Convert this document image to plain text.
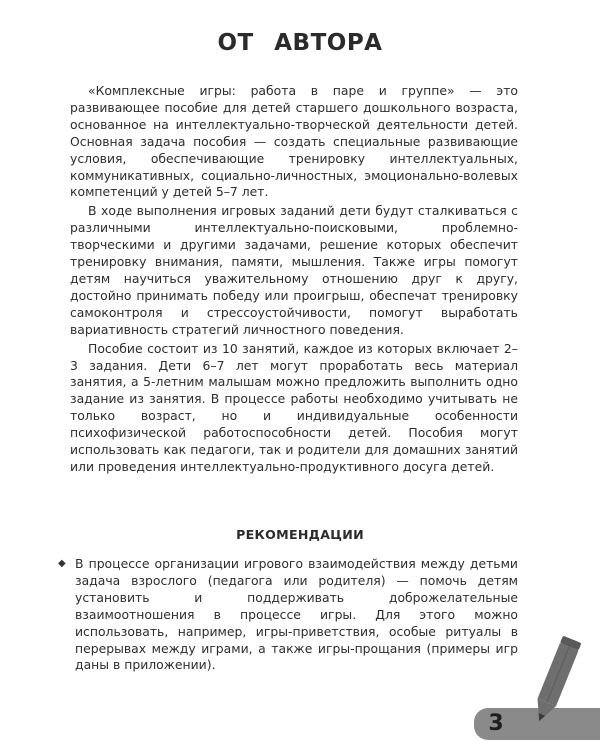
ОТ АВТОРА

«Комплексные игры: работа в паре и группе» — это развивающее пособие для детей старшего дошкольного возраста, основанное на интеллектуально-творческой деятельности детей. Основная задача пособия — создать специальные развивающие условия, обеспечивающие тренировку интеллектуальных, коммуникативных, социально-личностных, эмоционально-волевых компетенций у детей 5–7 лет.

В ходе выполнения игровых заданий дети будут сталкиваться с различными интеллектуально-поисковыми, проблемно-творческими и другими задачами, решение которых обеспечит тренировку внимания, памяти, мышления. Также игры помогут детям научиться уважительному отношению друг к другу, достойно принимать победу или проигрыш, обеспечат тренировку самоконтроля и стрессоустойчивости, помогут выработать вариативность стратегий личностного поведения.

Пособие состоит из 10 занятий, каждое из которых включает 2–3 задания. Дети 6–7 лет могут проработать весь материал занятия, а 5-летним малышам можно предложить выполнить одно задание из занятия. В процессе работы необходимо учитывать не только возраст, но и индивидуальные особенности психофизической работоспособности детей. Пособия могут использовать как педагоги, так и родители для домашних занятий или проведения интеллектуально-продуктивного досуга детей.

РЕКОМЕНДАЦИИ
◆ В процессе организации игрового взаимодействия между детьми задача взрослого (педагога или родителя) — помочь детям установить и поддерживать доброжелательные взаимоотношения в процессе игры. Для этого можно использовать, например, игры-приветствия, особые ритуалы в перерывах между играми, а также игры-прощания (примеры игр даны в приложении).
3
